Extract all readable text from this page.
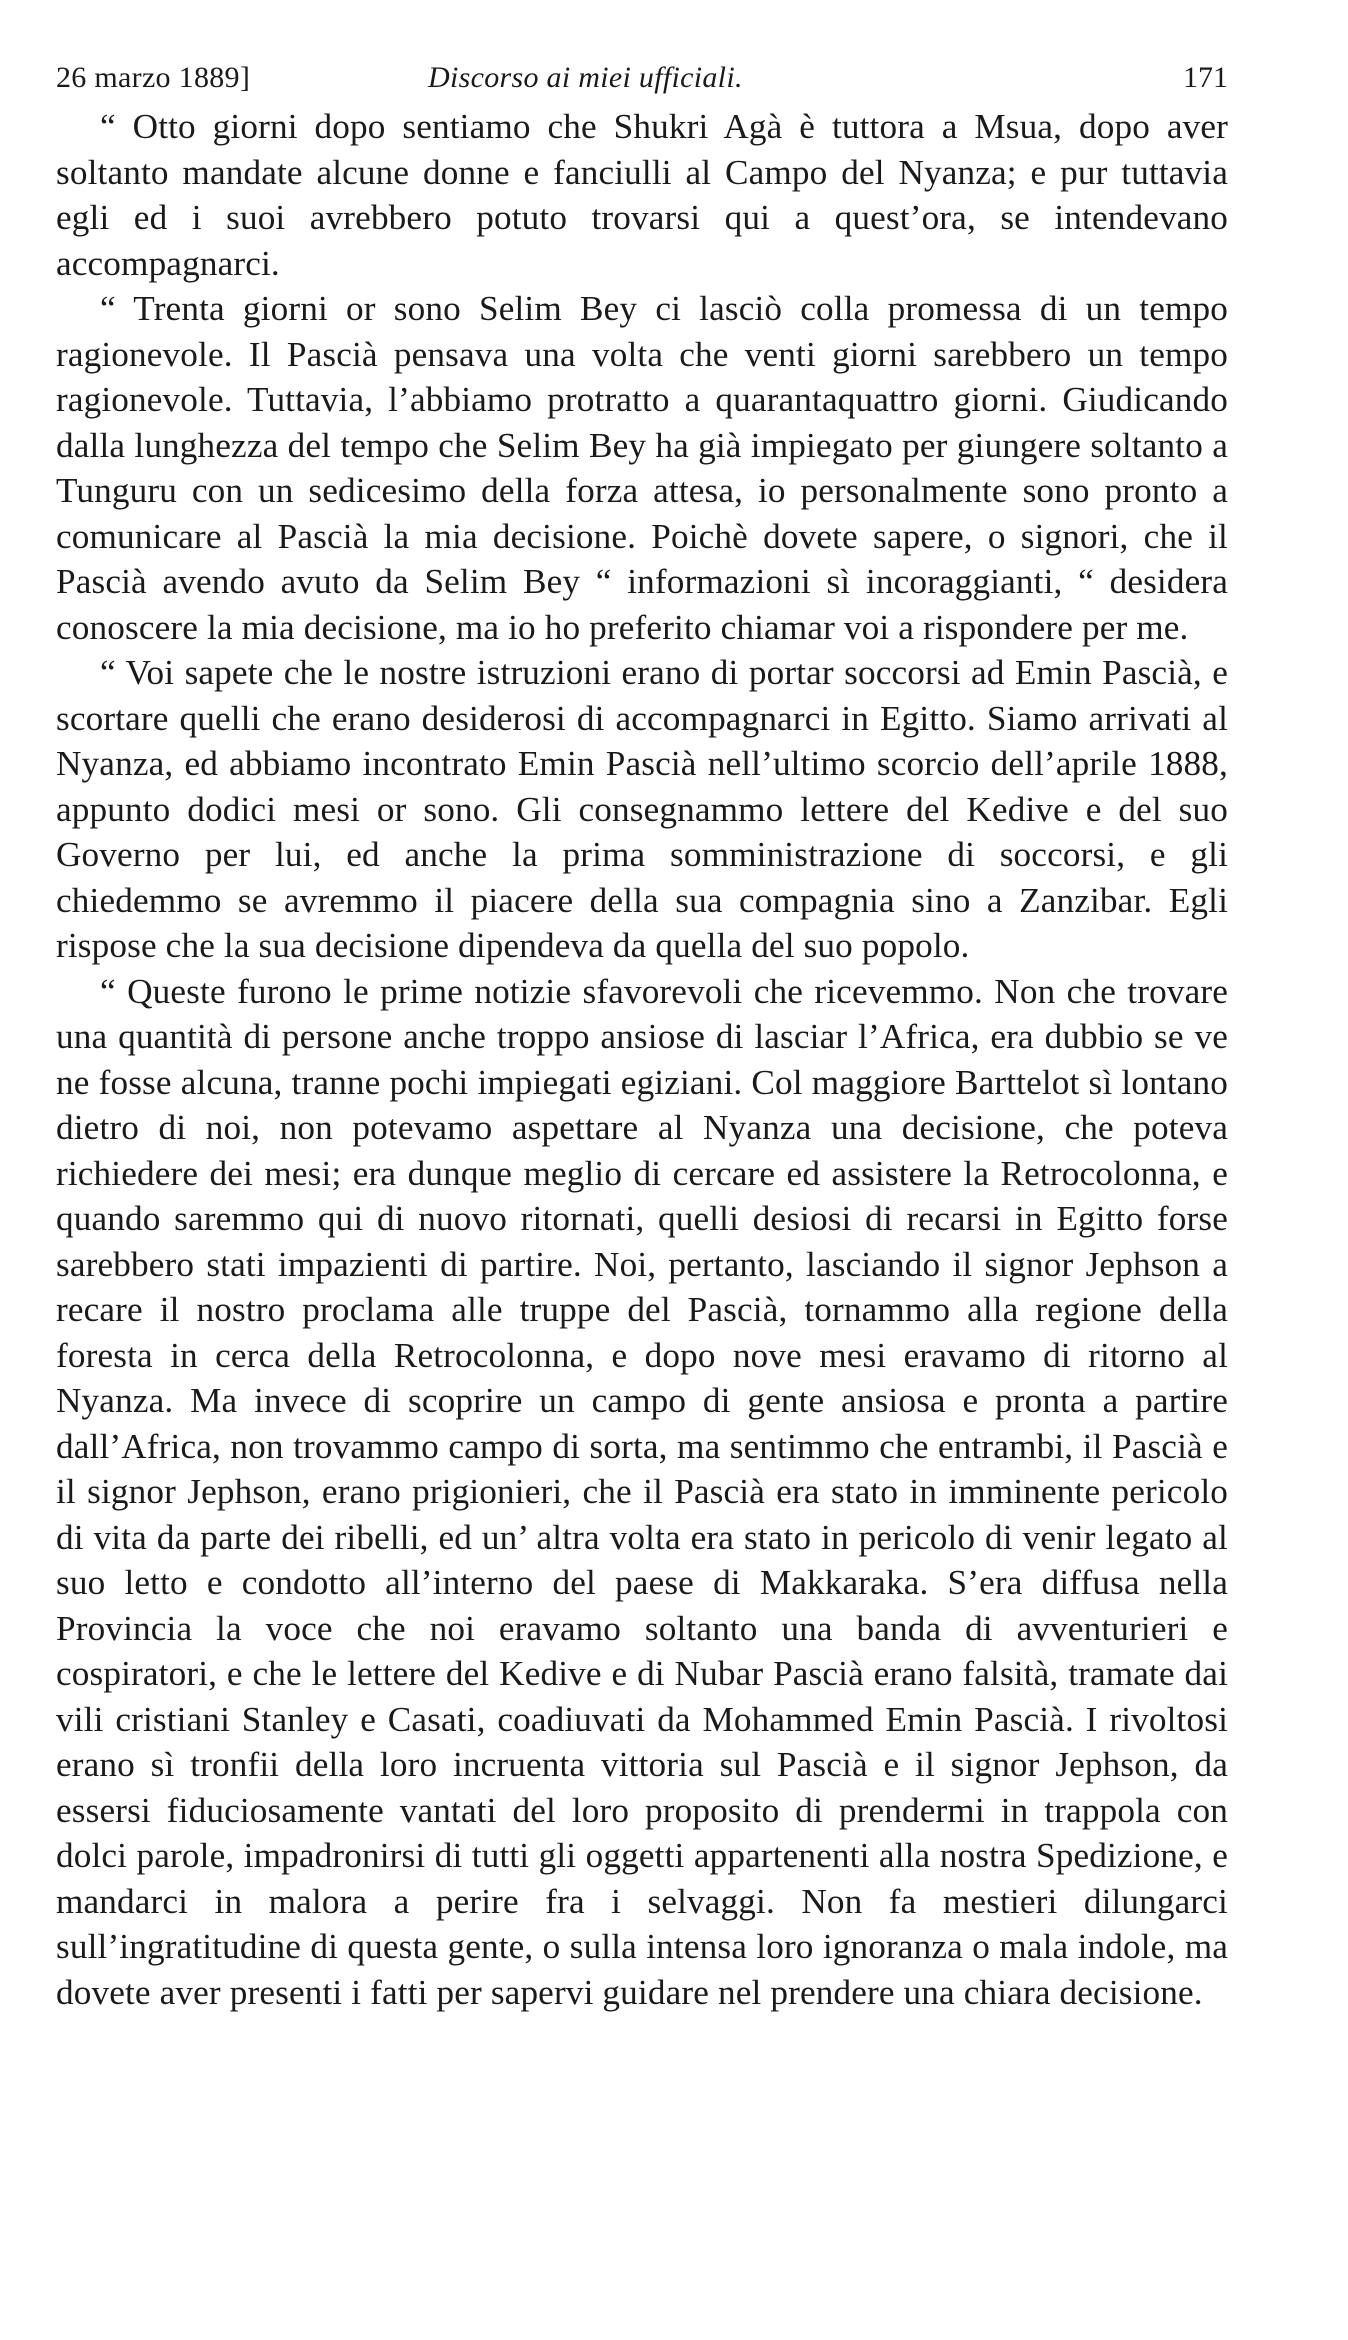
26 marzo 1889]	Discorso ai miei ufficiali.	171

“ Otto giorni dopo sentiamo che Shukri Agà è tuttora a Msua, dopo aver soltanto mandate alcune donne e fanciulli al Campo del Nyanza; e pur tuttavia egli ed i suoi avrebbero potuto trovarsi qui a quest’ora, se intendevano accompagnarci.

“ Trenta giorni or sono Selim Bey ci lasciò colla promessa di un tempo ragionevole. Il Pascià pensava una volta che venti giorni sarebbero un tempo ragionevole. Tuttavia, l’abbiamo protratto a quarantaquattro giorni. Giudicando dalla lunghezza del tempo che Selim Bey ha già impiegato per giungere soltanto a Tunguru con un sedicesimo della forza attesa, io personalmente sono pronto a comunicare al Pascià la mia decisione. Poichè dovete sapere, o signori, che il Pascià avendo avuto da Selim Bey “ informazioni sì incoraggianti, “ desidera conoscere la mia decisione, ma io ho preferito chiamar voi a rispondere per me.

“ Voi sapete che le nostre istruzioni erano di portar soccorsi ad Emin Pascià, e scortare quelli che erano desiderosi di accompagnarci in Egitto. Siamo arrivati al Nyanza, ed abbiamo incontrato Emin Pascià nell’ultimo scorcio dell’aprile 1888, appunto dodici mesi or sono. Gli consegnammo lettere del Kedive e del suo Governo per lui, ed anche la prima somministrazione di soccorsi, e gli chiedemmo se avremmo il piacere della sua compagnia sino a Zanzibar. Egli rispose che la sua decisione dipendeva da quella del suo popolo.

“ Queste furono le prime notizie sfavorevoli che ricevemmo. Non che trovare una quantità di persone anche troppo ansiose di lasciar l’Africa, era dubbio se ve ne fosse alcuna, tranne pochi impiegati egiziani. Col maggiore Barttelot sì lontano dietro di noi, non potevamo aspettare al Nyanza una decisione, che poteva richiedere dei mesi; era dunque meglio di cercare ed assistere la Retrocolonna, e quando saremmo qui di nuovo ritornati, quelli desiosi di recarsi in Egitto forse sarebbero stati impazienti di partire. Noi, pertanto, lasciando il signor Jephson a recare il nostro proclama alle truppe del Pascià, tornammo alla regione della foresta in cerca della Retrocolonna, e dopo nove mesi eravamo di ritorno al Nyanza. Ma invece di scoprire un campo di gente ansiosa e pronta a partire dall’Africa, non trovammo campo di sorta, ma sentimmo che entrambi, il Pascià e il signor Jephson, erano prigionieri, che il Pascià era stato in imminente pericolo di vita da parte dei ribelli, ed un’ altra volta era stato in pericolo di venir legato al suo letto e condotto all’interno del paese di Makkaraka. S’era diffusa nella Provincia la voce che noi eravamo soltanto una banda di avventurieri e cospiratori, e che le lettere del Kedive e di Nubar Pascià erano falsità, tramate dai vili cristiani Stanley e Casati, coadiuvati da Mohammed Emin Pascià. I rivoltosi erano sì tronfii della loro incruenta vittoria sul Pascià e il signor Jephson, da essersi fiduciosamente vantati del loro proposito di prendermi in trappola con dolci parole, impadronirsi di tutti gli oggetti appartenenti alla nostra Spedizione, e mandarci in malora a perire fra i selvaggi. Non fa mestieri dilungarci sull’ingratitudine di questa gente, o sulla intensa loro ignoranza o mala indole, ma dovete aver presenti i fatti per sapervi guidare nel prendere una chiara decisione.
